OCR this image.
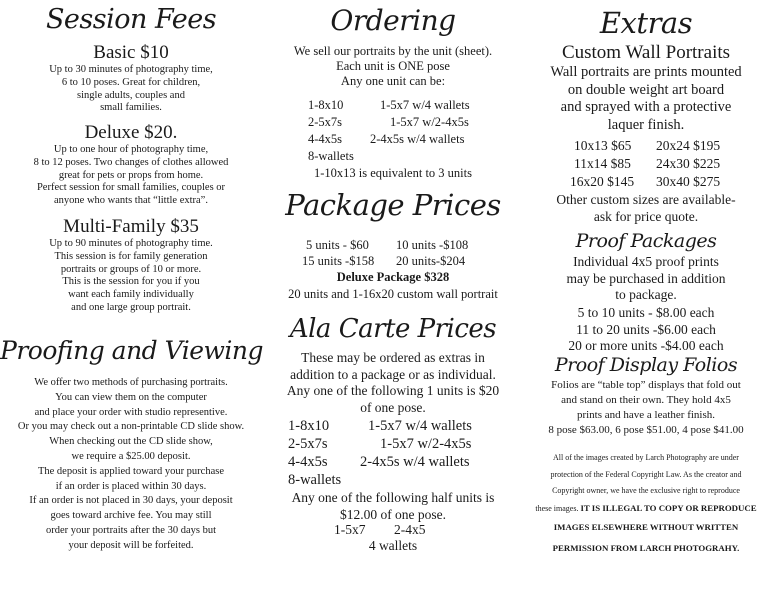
Session Fees
Basic $10
Up to 30 minutes of photography time,
6 to 10 poses. Great for children,
single adults, couples and
small families.
Deluxe $20.
Up to one hour of photography time,
8 to 12 poses. Two changes of clothes allowed
great for pets or props from home.
Perfect session for small families, couples or
anyone who wants that “little extra”.
Multi-Family $35
Up to 90 minutes of photography time.
This session is for family generation
portraits or groups of 10 or more.
This is the session for you if you
want each family individually
and one large group portrait.
Proofing and Viewing
We offer two methods of purchasing portraits.
You can view them on the computer
and place your order with studio representive.
Or you may check out a non-printable CD slide show.
When checking out the CD slide show,
we require a $25.00 deposit.
The deposit is applied toward your purchase
if an order is placed within 30 days.
If an order is not placed in 30 days, your deposit
goes toward archive fee. You may still
order your portraits after the 30 days but
your deposit will be forfeited.
Ordering
We sell our portraits by the unit (sheet).
Each unit is ONE pose
Any one unit can be:
1-8x10	1-5x7 w/4 wallets
2-5x7s	1-5x7 w/2-4x5s
4-4x5s 2-4x5s w/4 wallets
8-wallets
1-10x13 is equivalent to 3 units
Package Prices
5 units - $60 10 units -$108
15 units -$158 20 units-$204
Deluxe Package $328
20 units and 1-16x20 custom wall portrait
Ala Carte Prices
These may be ordered as extras in
addition to a package or as individual.
Any one of the following 1 units is $20
of one pose.
1-8x10	1-5x7 w/4 wallets
2-5x7s	1-5x7 w/2-4x5s
4-4x5s 2-4x5s w/4 wallets
8-wallets
Any one of the following half units is
$12.00 of one pose.
1-5x7 2-4x5
4 wallets
Extras
Custom Wall Portraits
Wall portraits are prints mounted
on double weight art board
and sprayed with a protective
laquer finish.
10x13 $65 20x24 $195
11x14 $85 24x30 $225
16x20 $145 30x40 $275
Other custom sizes are available-
ask for price quote.
Proof Packages
Individual 4x5 proof prints
may be purchased in addition
to package.
5 to 10 units - $8.00 each
11 to 20 units -$6.00 each
20 or more units -$4.00 each
Proof Display Folios
Folios are “table top” displays that fold out
and stand on their own. They hold 4x5
prints and have a leather finish.
8 pose $63.00, 6 pose $51.00, 4 pose $41.00
All of the images created by Larch Photography are under
protection of the Federal Copyright Law. As the creator and
Copyright owner, we have the exclusive right to reproduce
these images. IT IS ILLEGAL TO COPY OR REPRODUCE
IMAGES ELSEWHERE WITHOUT WRITTEN
PERMISSION FROM LARCH PHOTOGRAHY.
